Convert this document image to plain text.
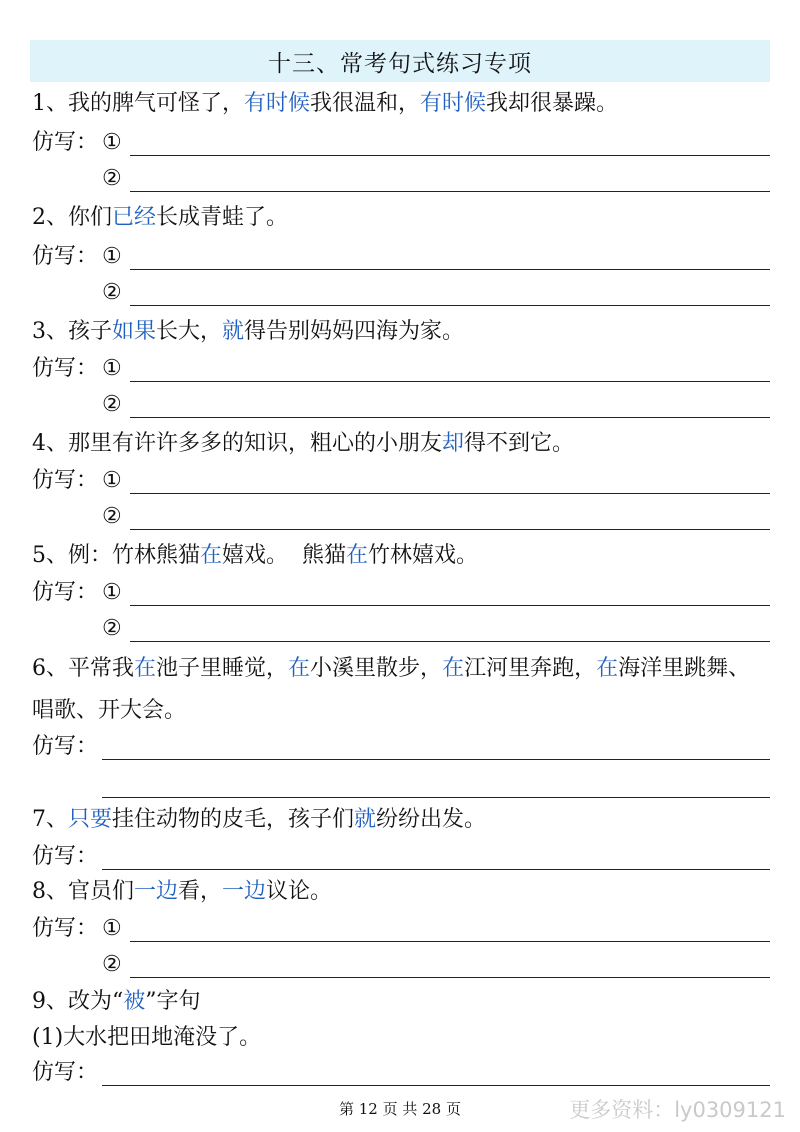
十三、常考句式练习专项
1、我的脾气可怪了，有时候我很温和，有时候我却很暴躁。
仿写： ①
②
2、你们已经长成青蛙了。
仿写： ①
②
3、孩子如果长大，就得告别妈妈四海为家。
仿写： ①
②
4、那里有许许多多的知识，粗心的小朋友却得不到它。
仿写： ①
②
5、例：竹林熊猫在嬉戏。  熊猫在竹林嬉戏。
仿写： ①
②
6、平常我在池子里睡觉，在小溪里散步，在江河里奔跑，在海洋里跳舞、唱歌、开大会。
仿写：
7、只要挂住动物的皮毛，孩子们就纷纷出发。
仿写：
8、官员们一边看，一边议论。
仿写： ①
②
9、改为“被”字句
(1)大水把田地淹没了。
仿写：
第 12 页 共 28 页	更多资料：ly0309121
